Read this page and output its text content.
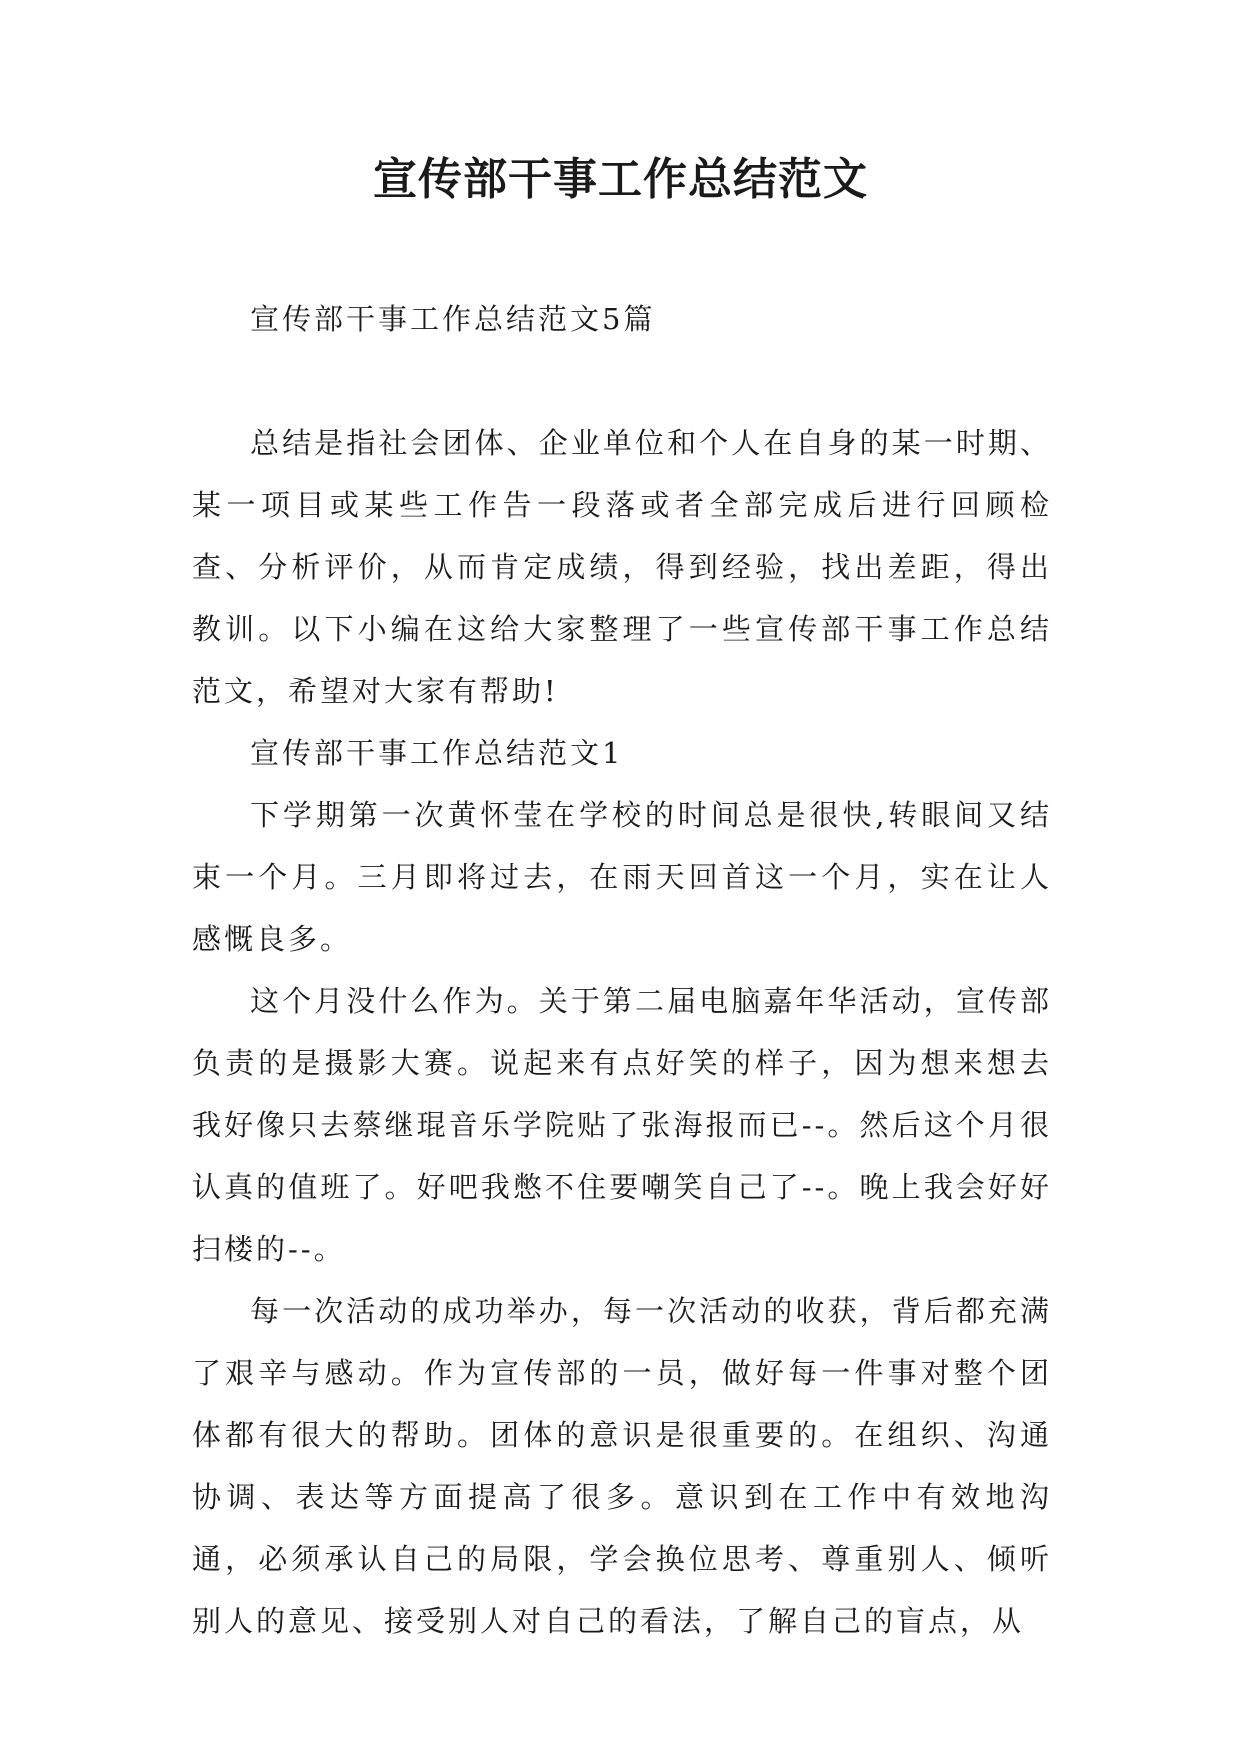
宣传部干事工作总结范文

宣传部干事工作总结范文5篇

总结是指社会团体、企业单位和个人在自身的某一时期、某一项目或某些工作告一段落或者全部完成后进行回顾检查、分析评价，从而肯定成绩，得到经验，找出差距，得出教训。以下小编在这给大家整理了一些宣传部干事工作总结范文，希望对大家有帮助!

宣传部干事工作总结范文1

下学期第一次黄怀莹在学校的时间总是很快,转眼间又结束一个月。三月即将过去，在雨天回首这一个月，实在让人感慨良多。

这个月没什么作为。关于第二届电脑嘉年华活动，宣传部负责的是摄影大赛。说起来有点好笑的样子，因为想来想去我好像只去蔡继琨音乐学院贴了张海报而已--。然后这个月很认真的值班了。好吧我憋不住要嘲笑自己了--。晚上我会好好扫楼的--。

每一次活动的成功举办，每一次活动的收获，背后都充满了艰辛与感动。作为宣传部的一员，做好每一件事对整个团体都有很大的帮助。团体的意识是很重要的。在组织、沟通协调、表达等方面提高了很多。意识到在工作中有效地沟通，必须承认自己的局限，学会换位思考、尊重别人、倾听别人的意见、接受别人对自己的看法，了解自己的盲点，从
